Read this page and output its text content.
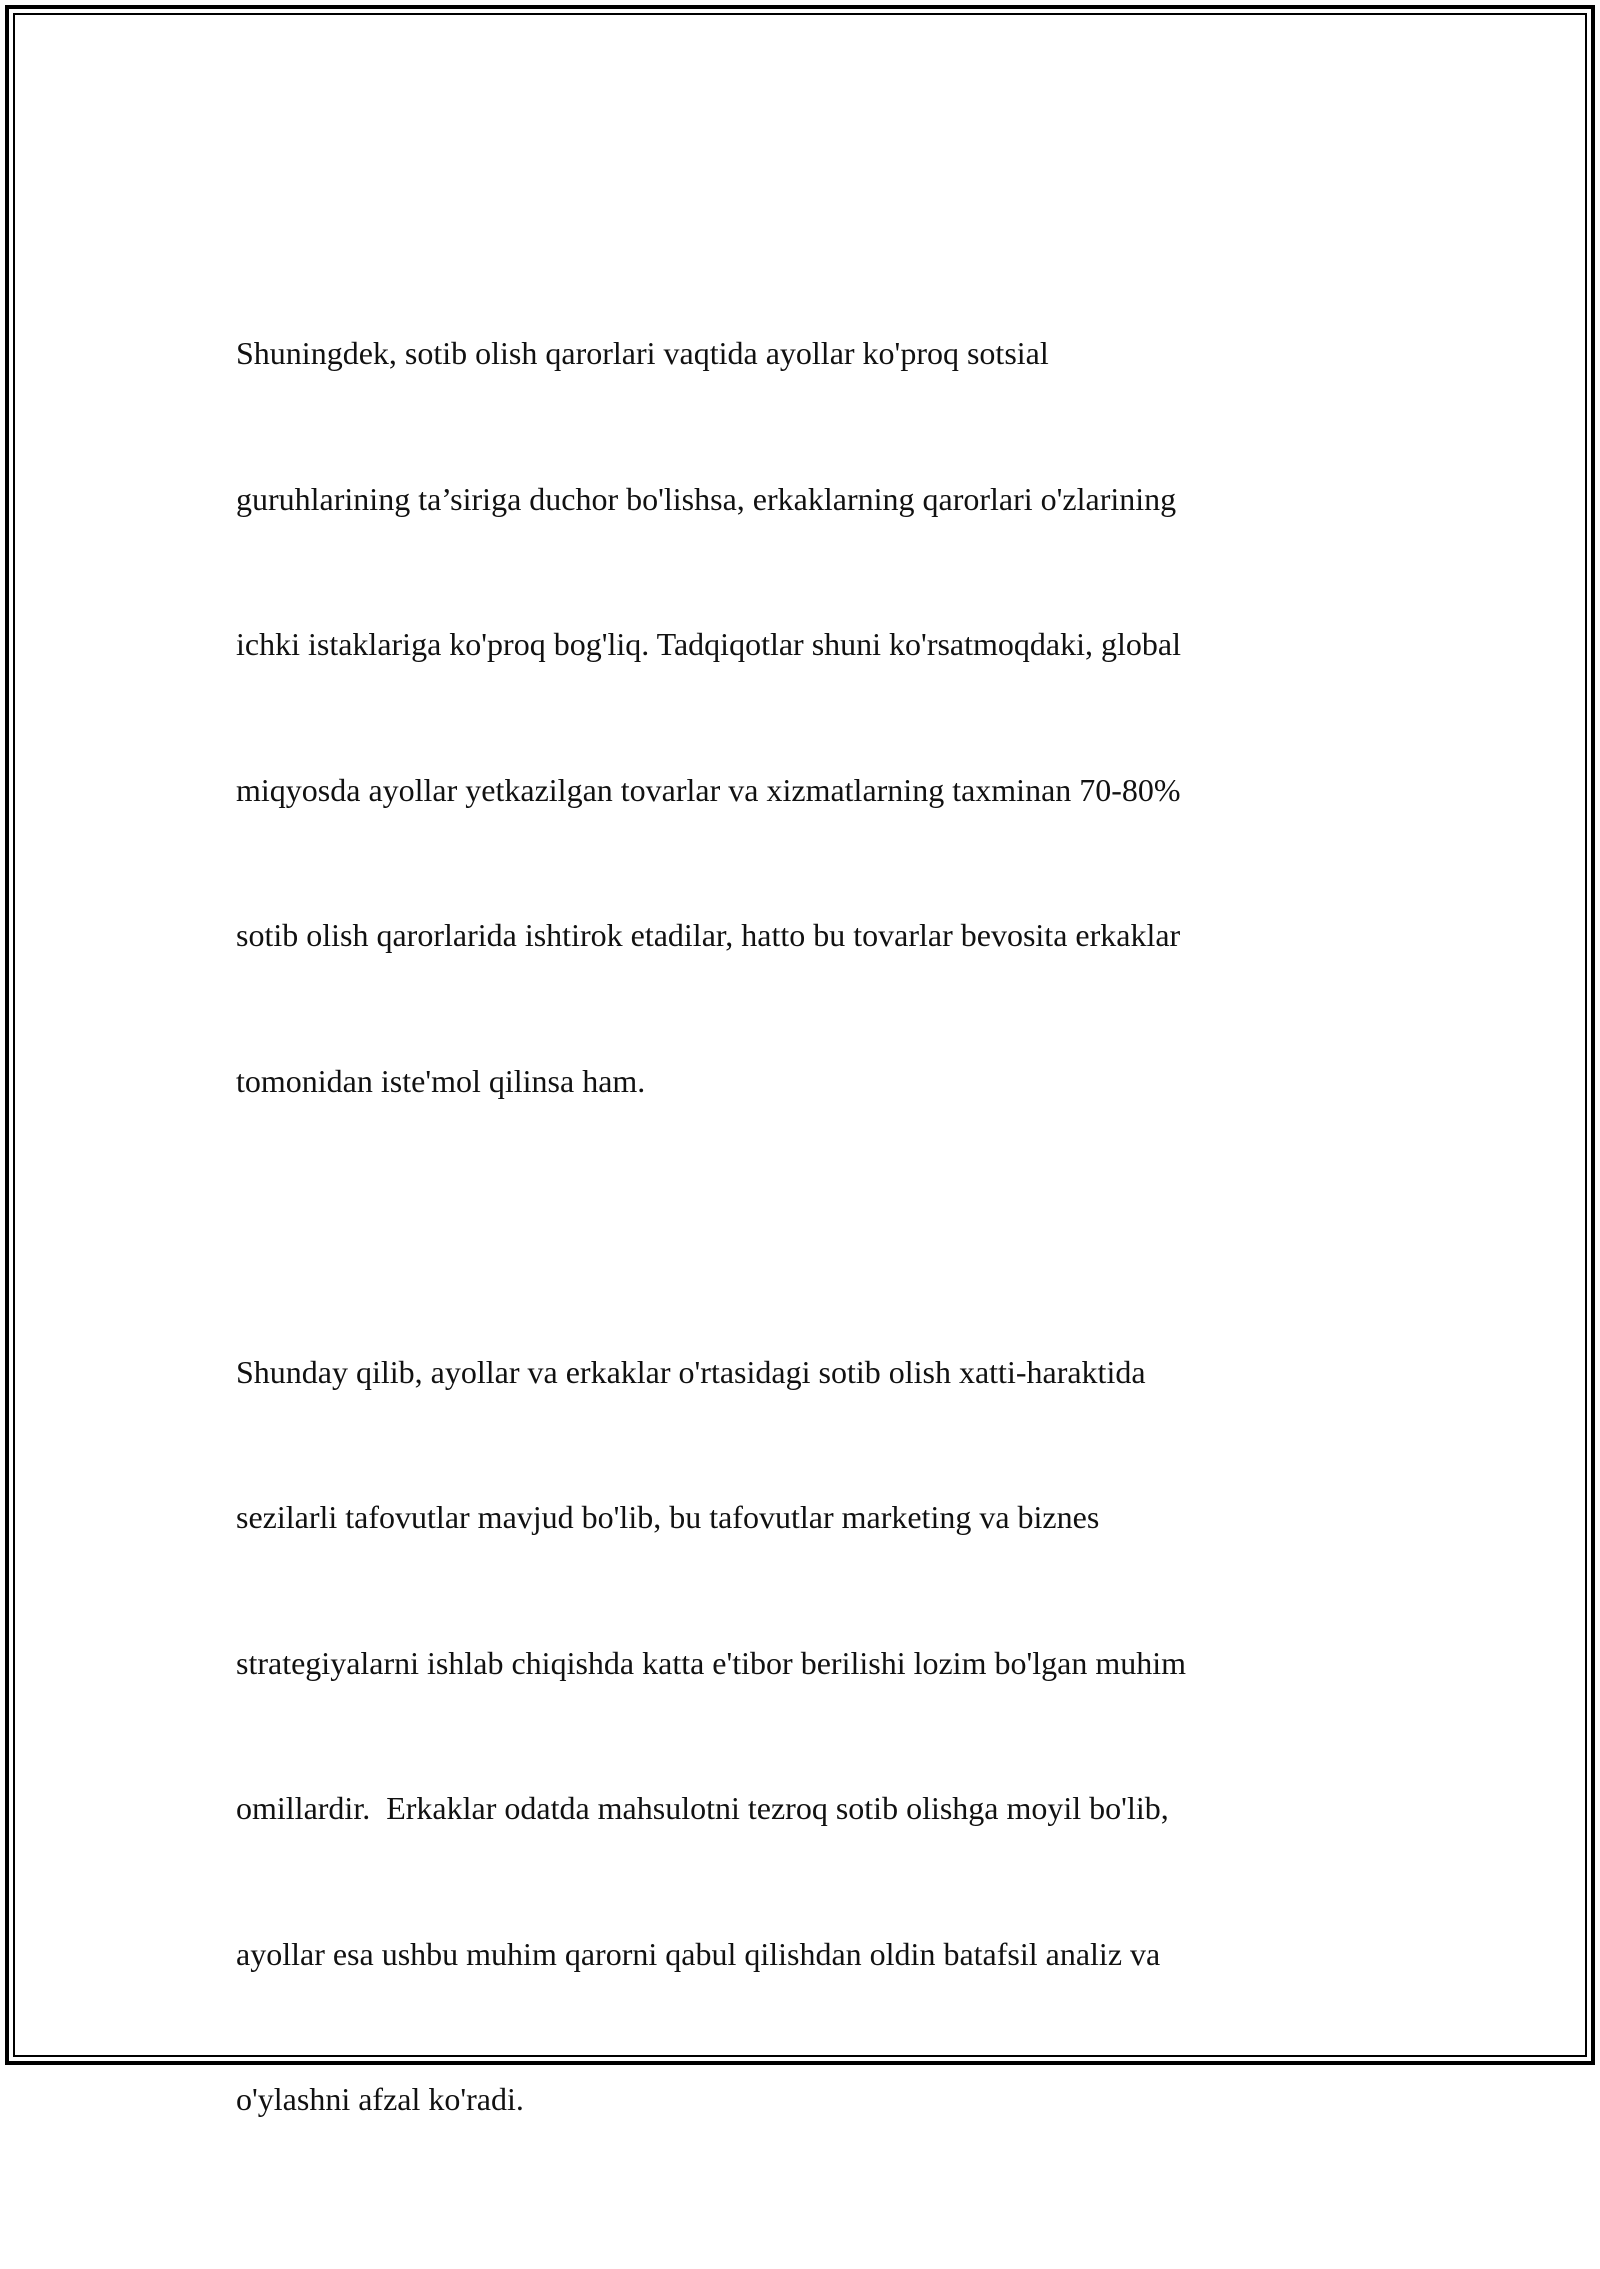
Shuningdek, sotib olish qarorlari vaqtida ayollar ko'proq sotsial

guruhlarining ta’siriga duchor bo'lishsa, erkaklarning qarorlari o'zlarining

ichki istaklariga ko'proq bog'liq. Tadqiqotlar shuni ko'rsatmoqdaki, global

miqyosda ayollar yetkazilgan tovarlar va xizmatlarning taxminan 70-80%

sotib olish qarorlarida ishtirok etadilar, hatto bu tovarlar bevosita erkaklar

tomonidan iste'mol qilinsa ham.

Shunday qilib, ayollar va erkaklar o'rtasidagi sotib olish xatti-haraktida

sezilarli tafovutlar mavjud bo'lib, bu tafovutlar marketing va biznes

strategiyalarni ishlab chiqishda katta e'tibor berilishi lozim bo'lgan muhim

omillardir.  Erkaklar odatda mahsulotni tezroq sotib olishga moyil bo'lib,

ayollar esa ushbu muhim qarorni qabul qilishdan oldin batafsil analiz va

o'ylashni afzal ko'radi.
